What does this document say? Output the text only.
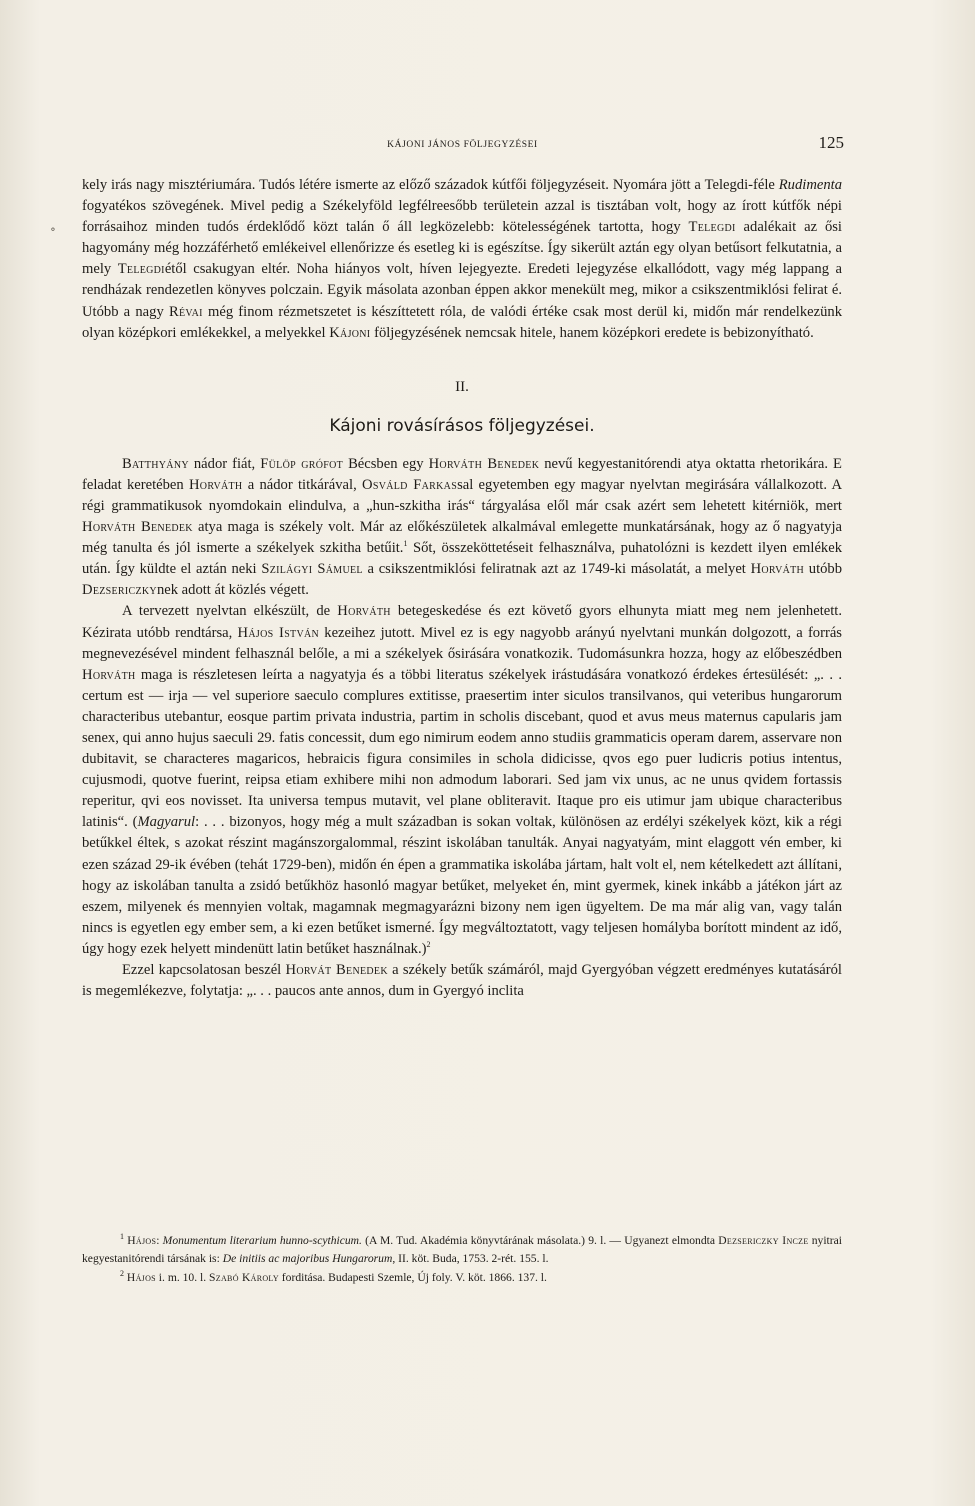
KÁJONI JÁNOS FÖLJEGYZÉSEI	125
∘

kely irás nagy misztériumára. Tudós létére ismerte az előző századok kútfői följegyzéseit. Nyomára jött a Telegdi-féle Rudimenta fogyatékos szövegének. Mivel pedig a Székelyföld legfélreesőbb területein azzal is tisztában volt, hogy az írott kútfők népi forrásaihoz minden tudós érdeklődő közt talán ő áll legközelebb: kötelességének tartotta, hogy Telegdi adalékait az ősi hagyomány még hozzáférhető emlékeivel ellenőrizze és esetleg ki is egészítse. Így sikerült aztán egy olyan betűsort felkutatnia, a mely Telegdiétől csakugyan eltér. Noha hiányos volt, híven lejegyezte. Eredeti lejegyzése elkallódott, vagy még lappang a rendházak rendezetlen könyves polczain. Egyik másolata azonban éppen akkor menekült meg, mikor a csikszentmiklósi felirat é. Utóbb a nagy Révai még finom rézmetszetet is készíttetett róla, de valódi értéke csak most derül ki, midőn már rendelkezünk olyan középkori emlékekkel, a melyekkel Kájoni följegyzésének nemcsak hitele, hanem középkori eredete is bebizonyítható.

II.
Kájoni rovásírásos följegyzései.

Batthyány nádor fiát, Fülöp grófot Bécsben egy Horváth Benedek nevű kegyestanitórendi atya oktatta rhetorikára. E feladat keretében Horváth a nádor titkárával, Osváld Farkassal egyetemben egy magyar nyelvtan megirására vállalkozott. A régi grammatikusok nyomdokain elindulva, a „hun-szkitha irás“ tárgyalása elől már csak azért sem lehetett kitérniök, mert Horváth Benedek atya maga is székely volt. Már az előkészületek alkalmával emlegette munkatársának, hogy az ő nagyatyja még tanulta és jól ismerte a székelyek szkitha betűit.$^1$ Sőt, összeköttetéseit felhasználva, puhatolózni is kezdett ilyen emlékek után. Így küldte el aztán neki Szilágyi Sámuel a csikszentmiklósi feliratnak azt az 1749-ki másolatát, a melyet Horváth utóbb Dezsericzkynek adott át közlés végett.

A tervezett nyelvtan elkészült, de Horváth betegeskedése és ezt követő gyors elhunyta miatt meg nem jelenhetett. Kézirata utóbb rendtársa, Hájos István kezeihez jutott. Mivel ez is egy nagyobb arányú nyelvtani munkán dolgozott, a forrás megnevezésével mindent felhasznál belőle, a mi a székelyek ősirására vonatkozik. Tudomásunkra hozza, hogy az előbeszédben Horváth maga is részletesen leírta a nagyatyja és a többi literatus székelyek irástudására vonatkozó érdekes értesülését: „. . . certum est — irja — vel superiore saeculo complures extitisse, praesertim inter siculos transilvanos, qui veteribus hungarorum characteribus utebantur, eosque partim privata industria, partim in scholis discebant, quod et avus meus maternus capularis jam senex, qui anno hujus saeculi 29. fatis concessit, dum ego nimirum eodem anno studiis grammaticis operam darem, asservare non dubitavit, se characteres magaricos, hebraicis figura consimiles in schola didicisse, qvos ego puer ludicris potius intentus, cujusmodi, quotve fuerint, reipsa etiam exhibere mihi non admodum laborari. Sed jam vix unus, ac ne unus qvidem fortassis reperitur, qvi eos novisset. Ita universa tempus mutavit, vel plane obliteravit. Itaque pro eis utimur jam ubique characteribus latinis“. (Magyarul: . . . bizonyos, hogy még a mult században is sokan voltak, különösen az erdélyi székelyek közt, kik a régi betűkkel éltek, s azokat részint magánszorgalommal, részint iskolában tanulták. Anyai nagyatyám, mint elaggott vén ember, ki ezen század 29-ik évében (tehát 1729-ben), midőn én épen a grammatika iskolába jártam, halt volt el, nem kételkedett azt állítani, hogy az iskolában tanulta a zsidó betűkhöz hasonló magyar betűket, melyeket én, mint gyermek, kinek inkább a játékon járt az eszem, milyenek és mennyien voltak, magamnak megmagyarázni bizony nem igen ügyeltem. De ma már alig van, vagy talán nincs is egyetlen egy ember sem, a ki ezen betűket ismerné. Így megváltoztatott, vagy teljesen homályba borított mindent az idő, úgy hogy ezek helyett mindenütt latin betűket használnak.)$^2$

Ezzel kapcsolatosan beszél Horvát Benedek a székely betűk számáról, majd Gyergyóban végzett eredményes kutatásáról is megemlékezve, folytatja: „. . . paucos ante annos, dum in Gyergyó inclita

$^1$ Hájos: Monumentum literarium hunno-scythicum. (A M. Tud. Akadémia könyvtárának másolata.) 9. l. — Ugyanezt elmondta Dezsericzky Incze nyitrai kegyestanitórendi társának is: De initiis ac majoribus Hungarorum, II. köt. Buda, 1753. 2-rét. 155. l.

$^2$ Hájos i. m. 10. l. Szabó Károly forditása. Budapesti Szemle, Új foly. V. köt. 1866. 137. l.
